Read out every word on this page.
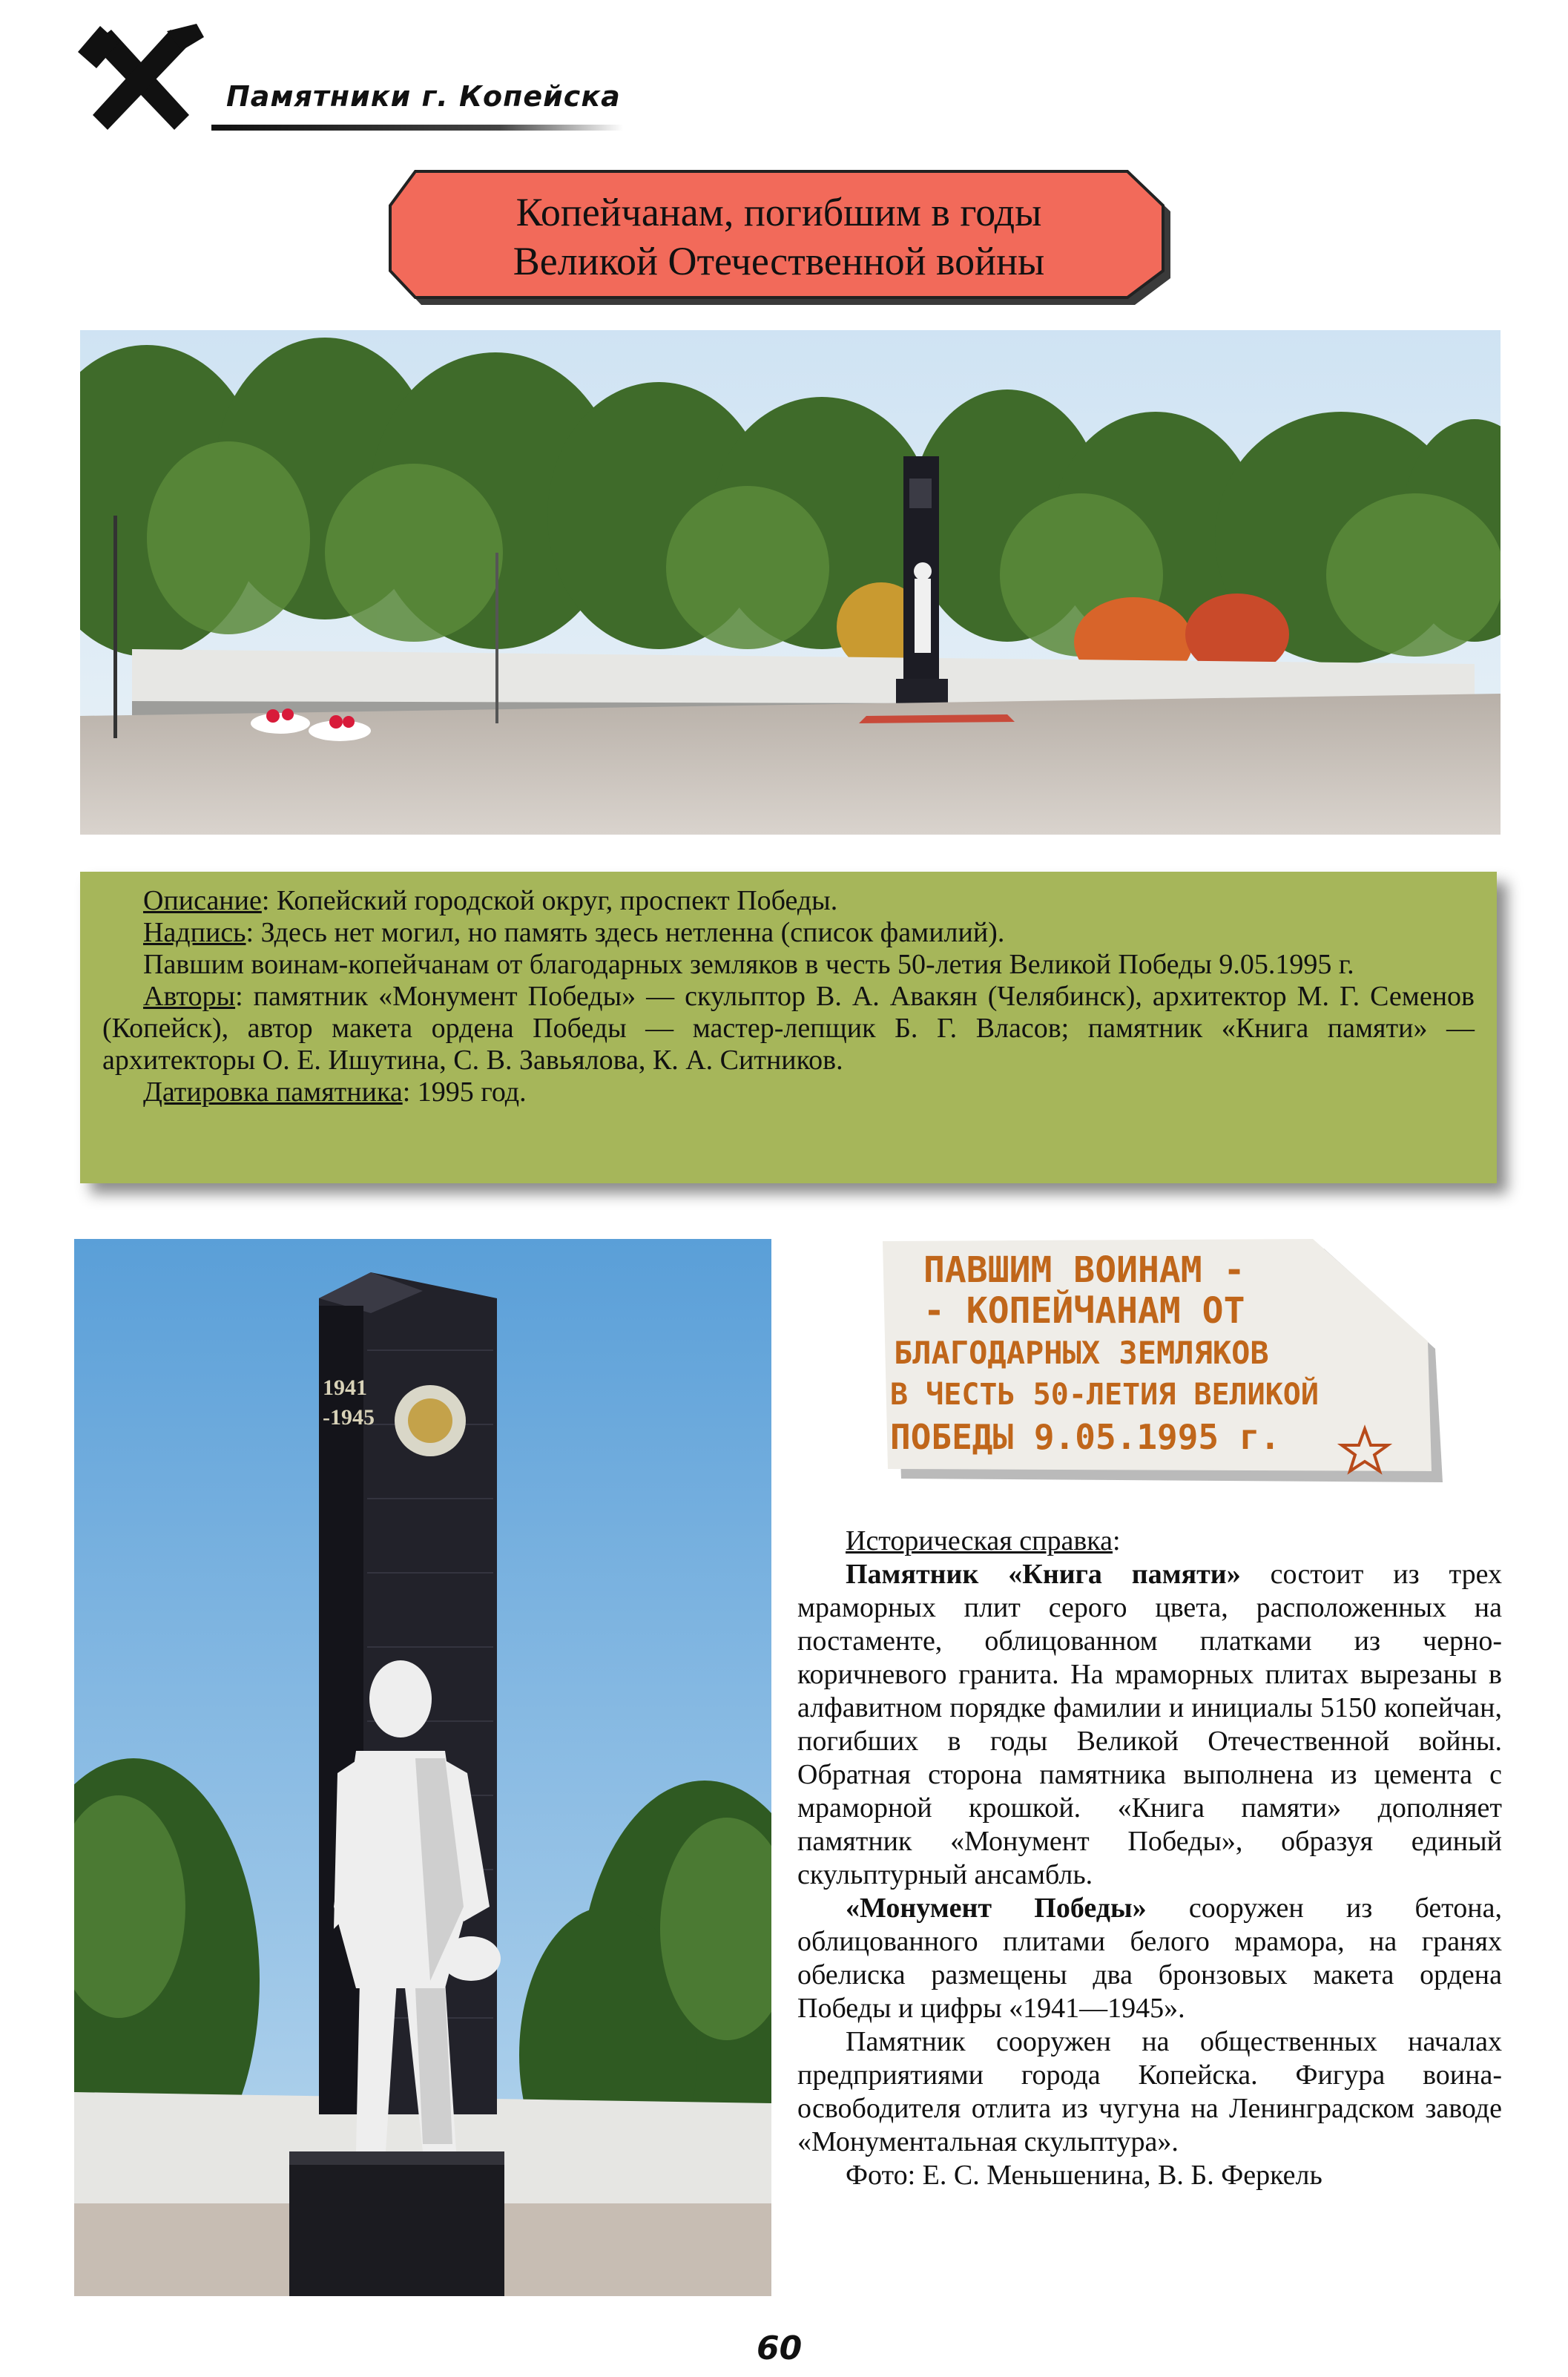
Памятники г. Копейска
Копейчанам, погибшим в годы
Великой Отечественной войны

Описание: Копейский городской округ, проспект Победы.

Надпись: Здесь нет могил, но память здесь нетленна (список фамилий).

Павшим воинам-копейчанам от благодарных земляков в честь 50-летия Великой Победы 9.05.1995 г.

Авторы: памятник «Монумент Победы» — скульптор В. А. Авакян (Челябинск), архитектор М. Г. Семенов (Копейск), автор макета ордена Победы — мастер-лепщик Б. Г. Власов; памятник «Книга памяти» — архитекторы О. Е. Ишутина, С. В. Завьялова, К. А. Ситников.

Датировка памятника: 1995 год.

1941
-1945
ПАВШИМ ВОИНАМ -
- КОПЕЙЧАНАМ ОТ
БЛАГОДАРНЫХ ЗЕМЛЯКОВ
В ЧЕСТЬ 50-ЛЕТИЯ ВЕЛИКОЙ
ПОБЕДЫ 9.05.1995 г.

Историческая справка:

Памятник «Книга памяти» состоит из трех мраморных плит серого цвета, расположенных на постаменте, облицованном платками из черно-коричневого гранита. На мраморных плитах вырезаны в алфавитном порядке фамилии и инициалы 5150 копейчан, погибших в годы Великой Отечественной войны. Обратная сторона памятника выполнена из цемента с мраморной крошкой. «Книга памяти» дополняет памятник «Монумент Победы», образуя единый скульптурный ансамбль.

«Монумент Победы» сооружен из бетона, облицованного плитами белого мрамора, на гранях обелиска размещены два бронзовых макета ордена Победы и цифры «1941—1945».

Памятник сооружен на общественных началах предприятиями города Копейска. Фигура воина-освободителя отлита из чугуна на Ленинградском заводе «Монументальная скульптура».

Фото: Е. С. Меньшенина, В. Б. Феркель

60
